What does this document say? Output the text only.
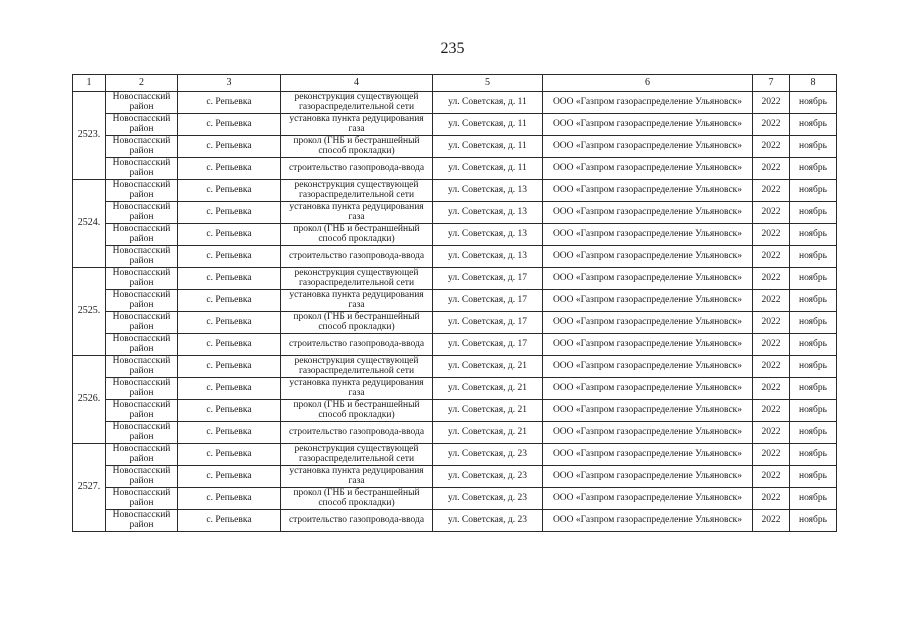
235
1	2	3	4	5	6	7	8
2523.	Новоспасский район	с. Репьевка	реконструкция существующей газораспределительной сети	ул. Советская, д. 11	ООО «Газпром газораспределение Ульяновск»	2022	ноябрь
	Новоспасский район	с. Репьевка	установка пункта редуцирования газа	ул. Советская, д. 11	ООО «Газпром газораспределение Ульяновск»	2022	ноябрь
	Новоспасский район	с. Репьевка	прокол (ГНБ и бестраншейный способ прокладки)	ул. Советская, д. 11	ООО «Газпром газораспределение Ульяновск»	2022	ноябрь
	Новоспасский район	с. Репьевка	строительство газопровода-ввода	ул. Советская, д. 11	ООО «Газпром газораспределение Ульяновск»	2022	ноябрь
2524.	Новоспасский район	с. Репьевка	реконструкция существующей газораспределительной сети	ул. Советская, д. 13	ООО «Газпром газораспределение Ульяновск»	2022	ноябрь
	Новоспасский район	с. Репьевка	установка пункта редуцирования газа	ул. Советская, д. 13	ООО «Газпром газораспределение Ульяновск»	2022	ноябрь
	Новоспасский район	с. Репьевка	прокол (ГНБ и бестраншейный способ прокладки)	ул. Советская, д. 13	ООО «Газпром газораспределение Ульяновск»	2022	ноябрь
	Новоспасский район	с. Репьевка	строительство газопровода-ввода	ул. Советская, д. 13	ООО «Газпром газораспределение Ульяновск»	2022	ноябрь
2525.	Новоспасский район	с. Репьевка	реконструкция существующей газораспределительной сети	ул. Советская, д. 17	ООО «Газпром газораспределение Ульяновск»	2022	ноябрь
	Новоспасский район	с. Репьевка	установка пункта редуцирования газа	ул. Советская, д. 17	ООО «Газпром газораспределение Ульяновск»	2022	ноябрь
	Новоспасский район	с. Репьевка	прокол (ГНБ и бестраншейный способ прокладки)	ул. Советская, д. 17	ООО «Газпром газораспределение Ульяновск»	2022	ноябрь
	Новоспасский район	с. Репьевка	строительство газопровода-ввода	ул. Советская, д. 17	ООО «Газпром газораспределение Ульяновск»	2022	ноябрь
2526.	Новоспасский район	с. Репьевка	реконструкция существующей газораспределительной сети	ул. Советская, д. 21	ООО «Газпром газораспределение Ульяновск»	2022	ноябрь
	Новоспасский район	с. Репьевка	установка пункта редуцирования газа	ул. Советская, д. 21	ООО «Газпром газораспределение Ульяновск»	2022	ноябрь
	Новоспасский район	с. Репьевка	прокол (ГНБ и бестраншейный способ прокладки)	ул. Советская, д. 21	ООО «Газпром газораспределение Ульяновск»	2022	ноябрь
	Новоспасский район	с. Репьевка	строительство газопровода-ввода	ул. Советская, д. 21	ООО «Газпром газораспределение Ульяновск»	2022	ноябрь
2527.	Новоспасский район	с. Репьевка	реконструкция существующей газораспределительной сети	ул. Советская, д. 23	ООО «Газпром газораспределение Ульяновск»	2022	ноябрь
	Новоспасский район	с. Репьевка	установка пункта редуцирования газа	ул. Советская, д. 23	ООО «Газпром газораспределение Ульяновск»	2022	ноябрь
	Новоспасский район	с. Репьевка	прокол (ГНБ и бестраншейный способ прокладки)	ул. Советская, д. 23	ООО «Газпром газораспределение Ульяновск»	2022	ноябрь
	Новоспасский район	с. Репьевка	строительство газопровода-ввода	ул. Советская, д. 23	ООО «Газпром газораспределение Ульяновск»	2022	ноябрь
